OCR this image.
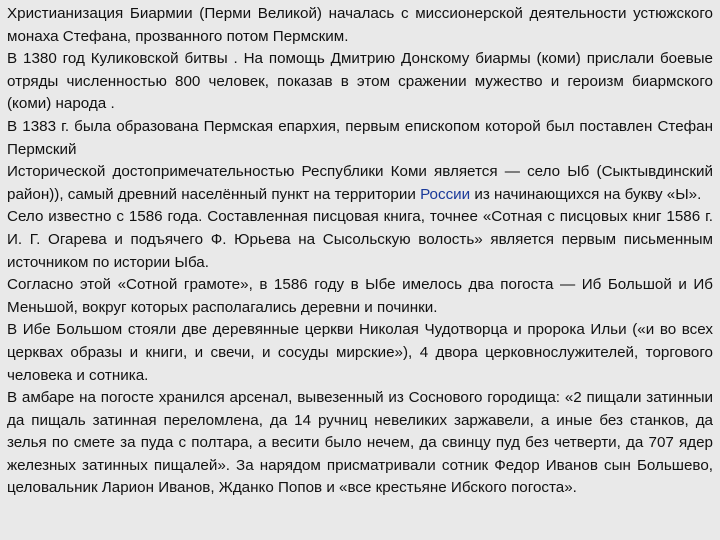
Христианизация Биармии (Перми Великой) началась с миссионерской деятельности устюжского монаха Стефана, прозванного потом Пермским.

В 1380 год Куликовской битвы . На помощь Дмитрию Донскому биармы (коми) прислали боевые отряды численностью 800 человек, показав в этом сражении мужество и героизм биармского (коми) народа .

В 1383 г. была образована Пермская епархия, первым епископом которой был поставлен Стефан Пермский

Исторической достопримечательностью Республики Коми является — село Ыб (Сыктывдинский район)), самый древний населённый пункт на территории России из начинающихся на букву «Ы».

Село известно с 1586 года. Составленная писцовая книга, точнее «Сотная с писцовых книг 1586 г. И. Г. Огарева и подъячего Ф. Юрьева на Сысольскую волость» является первым письменным источником по истории Ыба.

Согласно этой «Сотной грамоте», в 1586 году в Ыбе имелось два погоста — Иб Большой и Иб Меньшой, вокруг которых располагались деревни и починки.

В Ибе Большом стояли две деревянные церкви Николая Чудотворца и пророка Ильи («и во всех церквах образы и книги, и свечи, и сосуды мирские»), 4 двора церковнослужителей, торгового человека и сотника.

В амбаре на погосте хранился арсенал, вывезенный из Соснового городища: «2 пищали затинныи да пищаль затинная переломлена, да 14 ручниц невеликих заржавели, а иные без станков, да зелья по смете за пуда с полтара, а весити было нечем, да свинцу пуд без четверти, да 707 ядер железных затинных пищалей». За нарядом присматривали сотник Федор Иванов сын Большево, целовальник Ларион Иванов, Жданко Попов и «все крестьяне Ибского погоста».
